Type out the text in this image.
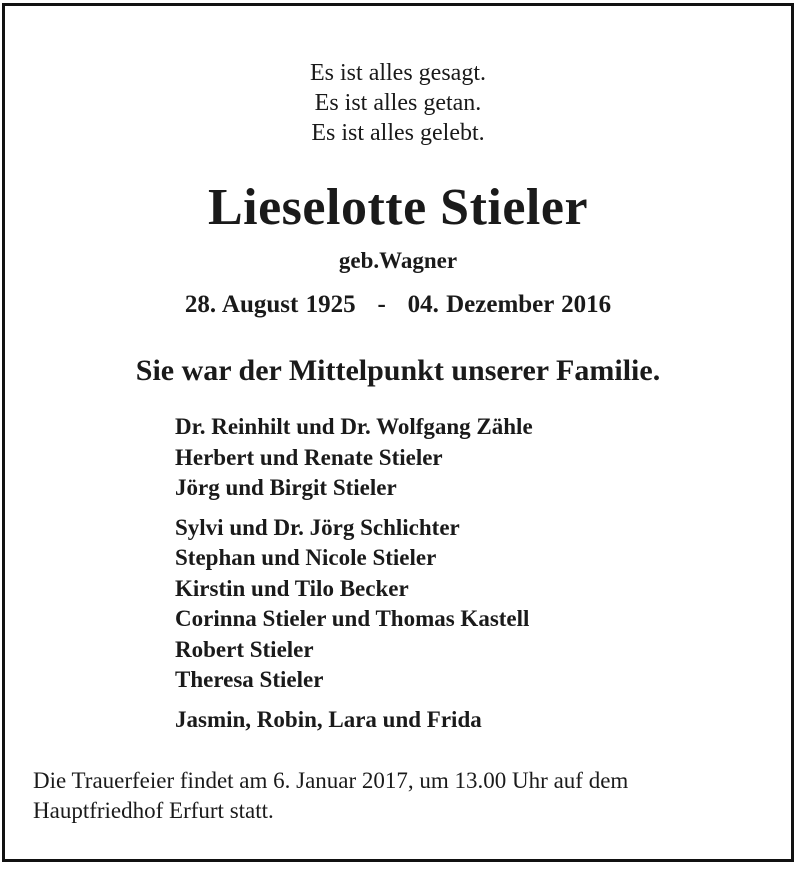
Es ist alles gesagt.
Es ist alles getan.
Es ist alles gelebt.
Lieselotte Stieler
geb.Wagner
28. August 1925 - 04. Dezember 2016
Sie war der Mittelpunkt unserer Familie.
Dr. Reinhilt und Dr. Wolfgang Zähle
Herbert und Renate Stieler
Jörg und Birgit Stieler
Sylvi und Dr. Jörg Schlichter
Stephan und Nicole Stieler
Kirstin und Tilo Becker
Corinna Stieler und Thomas Kastell
Robert Stieler
Theresa Stieler
Jasmin, Robin, Lara und Frida
Die Trauerfeier findet am 6. Januar 2017, um 13.00 Uhr auf dem
Hauptfriedhof Erfurt statt.
